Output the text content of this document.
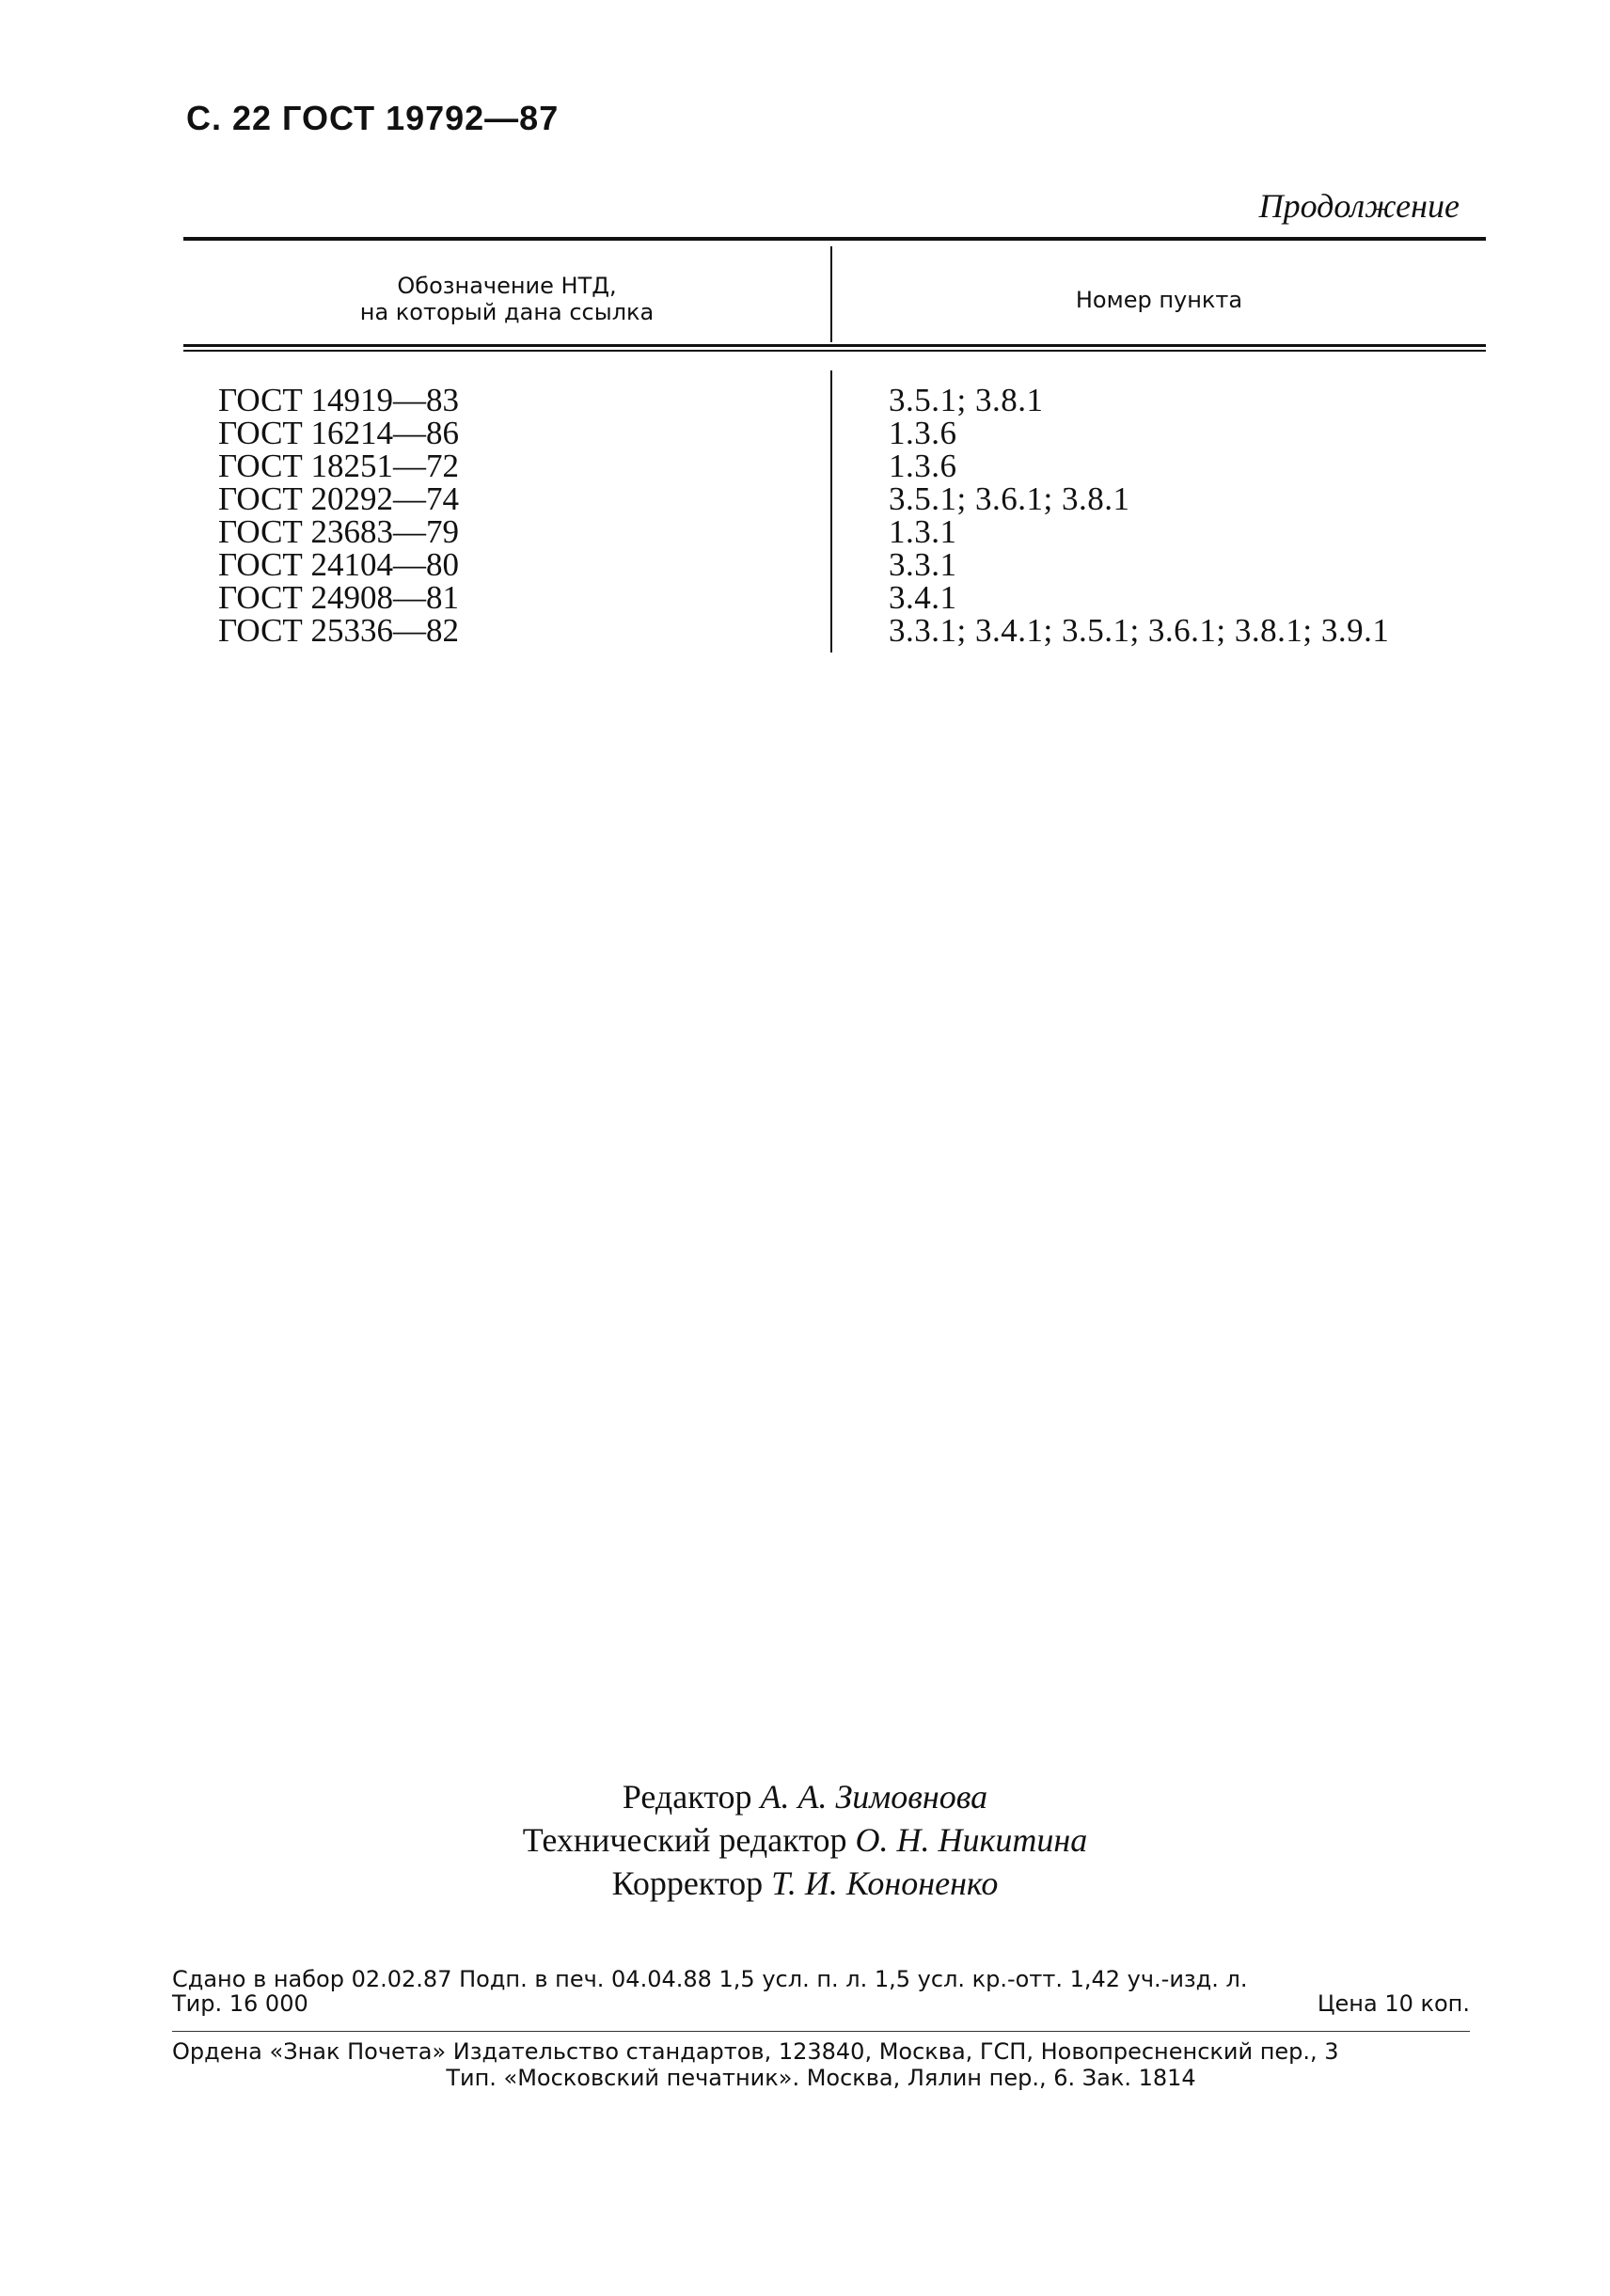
С. 22 ГОСТ 19792—87
Продолжение
Обозначение НТД,
на который дана ссылка	Номер пункта
ГОСТ 14919—83	3.5.1; 3.8.1
ГОСТ 16214—86	1.3.6
ГОСТ 18251—72	1.3.6
ГОСТ 20292—74	3.5.1; 3.6.1; 3.8.1
ГОСТ 23683—79	1.3.1
ГОСТ 24104—80	3.3.1
ГОСТ 24908—81	3.4.1
ГОСТ 25336—82	3.3.1; 3.4.1; 3.5.1; 3.6.1; 3.8.1; 3.9.1
Редактор А. А. Зимовнова
Технический редактор О. Н. Никитина
Корректор Т. И. Кононенко
Сдано в набор 02.02.87 Подп. в печ. 04.04.88 1,5 усл. п. л. 1,5 усл. кр.-отт. 1,42 уч.-изд. л.
Тир. 16 000	Цена 10 коп.
Ордена «Знак Почета» Издательство стандартов, 123840, Москва, ГСП, Новопресненский пер., 3
Тип. «Московский печатник». Москва, Лялин пер., 6. Зак. 1814
